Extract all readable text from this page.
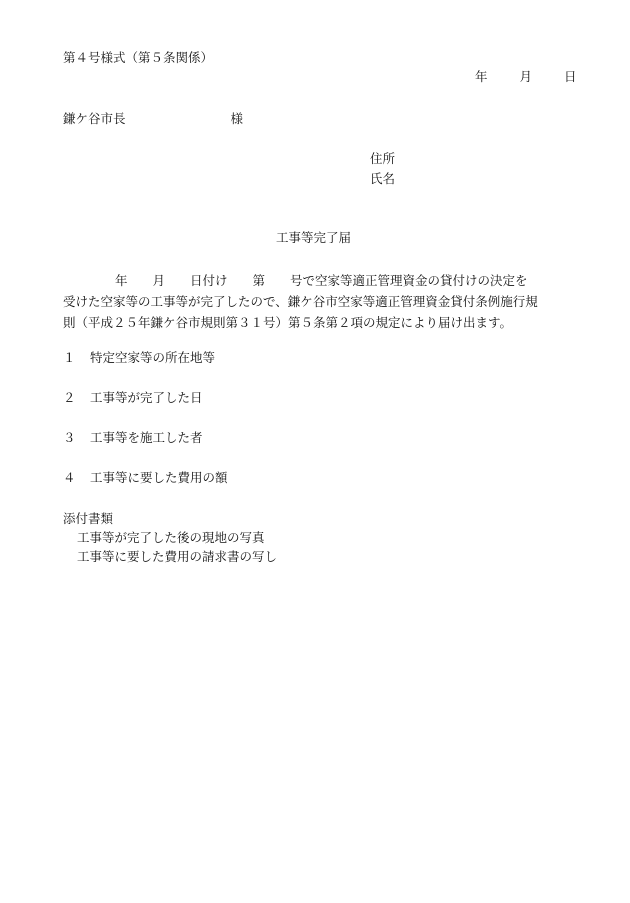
第４号様式（第５条関係）
年	月	日
鎌ケ谷市長	様
住所
氏名
工事等完了届
年　　月　　日付け　　第　　号で空家等適正管理資金の貸付けの決定を
受けた空家等の工事等が完了したので、鎌ケ谷市空家等適正管理資金貸付条例施行規
則（平成２５年鎌ケ谷市規則第３１号）第５条第２項の規定により届け出ます。
１ 特定空家等の所在地等
２ 工事等が完了した日
３ 工事等を施工した者
４ 工事等に要した費用の額
添付書類
工事等が完了した後の現地の写真
工事等に要した費用の請求書の写し
